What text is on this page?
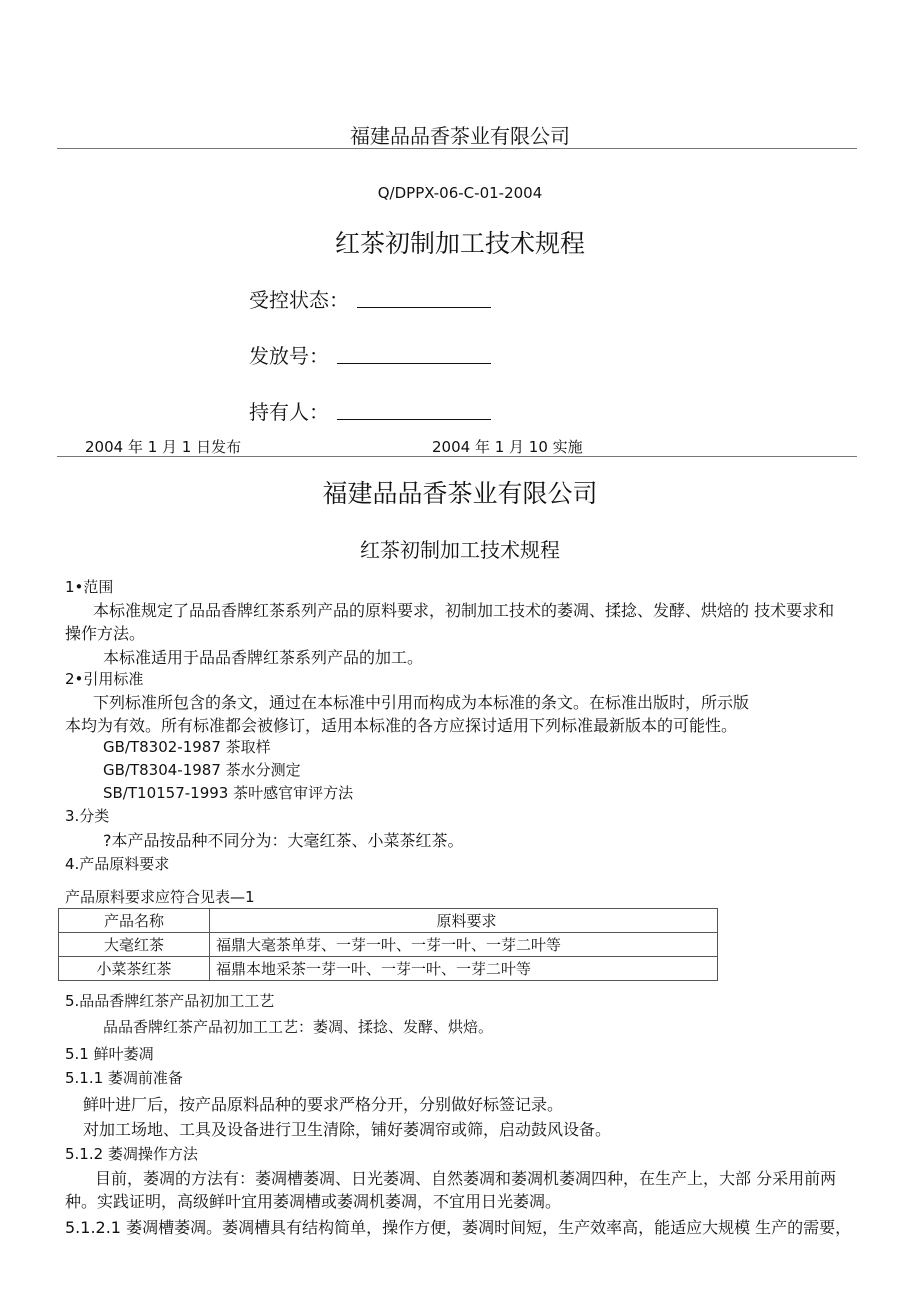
福建品品香茶业有限公司
Q/DPPX-06-C-01-2004
红茶初制加工技术规程
受控状态：
发放号：
持有人：
2004 年 1 月 1 日发布	2004 年 1 月 10 实施
福建品品香茶业有限公司
红茶初制加工技术规程
1•范围
本标准规定了品品香牌红茶系列产品的原料要求，初制加工技术的萎凋、揉捻、发酵、烘焙的 技术要求和
操作方法。
本标准适用于品品香牌红茶系列产品的加工。
2•引用标准
下列标准所包含的条文，通过在本标准中引用而构成为本标准的条文。在标准出版时，所示版
本均为有效。所有标准都会被修订，适用本标准的各方应探讨适用下列标准最新版本的可能性。
GB/T8302-1987 茶取样
GB/T8304-1987 茶水分测定
SB/T10157-1993 茶叶感官审评方法
3.分类
?本产品按品种不同分为：大毫红茶、小菜茶红茶。
4.产品原料要求
产品原料要求应符合见表—1
产品名称	原料要求
大毫红茶	福鼎大毫茶单芽、一芽一叶、一芽一叶、一芽二叶等
小菜茶红茶	福鼎本地采茶一芽一叶、一芽一叶、一芽二叶等
5.品品香牌红茶产品初加工工艺
品品香牌红茶产品初加工工艺：萎凋、揉捻、发酵、烘焙。
5.1 鲜叶萎凋
5.1.1 萎凋前准备
鲜叶进厂后，按产品原料品种的要求严格分开，分别做好标签记录。
对加工场地、工具及设备进行卫生清除，铺好萎凋帘或筛，启动鼓风设备。
5.1.2 萎凋操作方法
目前，萎凋的方法有：萎凋槽萎凋、日光萎凋、自然萎凋和萎凋机萎凋四种，在生产上，大部 分采用前两
种。实践证明，高级鲜叶宜用萎凋槽或萎凋机萎凋，不宜用日光萎凋。
5.1.2.1 萎凋槽萎凋。萎凋槽具有结构简单，操作方便，萎凋时间短，生产效率高，能适应大规模 生产的需要，
